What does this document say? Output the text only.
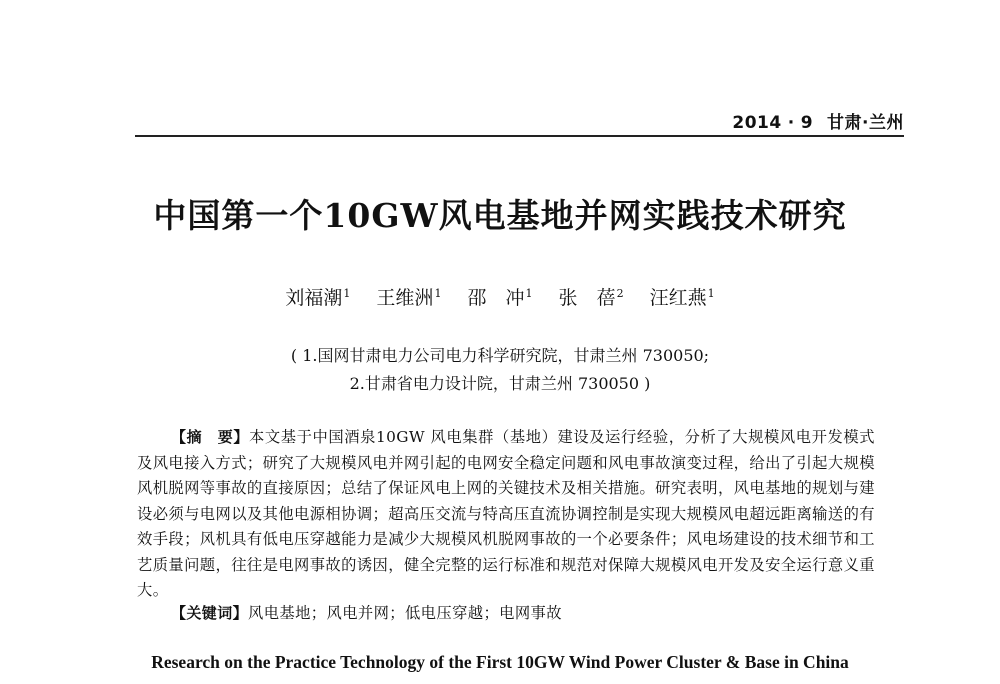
2014 · 9 甘肃·兰州
中国第一个10GW风电基地并网实践技术研究
刘福潮$^1$ 王维洲$^1$ 邵　冲$^1$ 张　蓓$^2$ 汪红燕$^1$
( 1.国网甘肃电力公司电力科学研究院，甘肃兰州 730050;
2.甘肃省电力设计院，甘肃兰州 730050 )
【摘　要】本文基于中国酒泉10GW 风电集群（基地）建设及运行经验，分析了大规模风电开发模式及风电接入方式；研究了大规模风电并网引起的电网安全稳定问题和风电事故演变过程，给出了引起大规模风机脱网等事故的直接原因；总结了保证风电上网的关键技术及相关措施。研究表明，风电基地的规划与建设必须与电网以及其他电源相协调；超高压交流与特高压直流协调控制是实现大规模风电超远距离输送的有效手段；风机具有低电压穿越能力是减少大规模风机脱网事故的一个必要条件；风电场建设的技术细节和工艺质量问题，往往是电网事故的诱因，健全完整的运行标准和规范对保障大规模风电开发及安全运行意义重大。
【关键词】风电基地；风电并网；低电压穿越；电网事故
Research on the Practice Technology of the First 10GW Wind Power Cluster & Base in China
